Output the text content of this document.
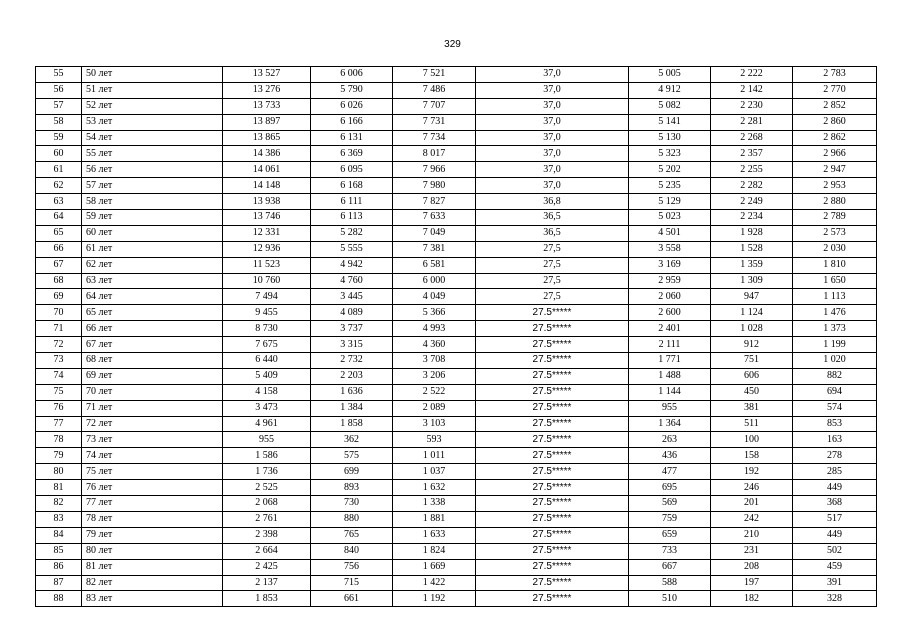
329
55	50 лет	13 527	6 006	7 521	37,0	5 005	2 222	2 783
56	51 лет	13 276	5 790	7 486	37,0	4 912	2 142	2 770
57	52 лет	13 733	6 026	7 707	37,0	5 082	2 230	2 852
58	53 лет	13 897	6 166	7 731	37,0	5 141	2 281	2 860
59	54 лет	13 865	6 131	7 734	37,0	5 130	2 268	2 862
60	55 лет	14 386	6 369	8 017	37,0	5 323	2 357	2 966
61	56 лет	14 061	6 095	7 966	37,0	5 202	2 255	2 947
62	57 лет	14 148	6 168	7 980	37,0	5 235	2 282	2 953
63	58 лет	13 938	6 111	7 827	36,8	5 129	2 249	2 880
64	59 лет	13 746	6 113	7 633	36,5	5 023	2 234	2 789
65	60 лет	12 331	5 282	7 049	36,5	4 501	1 928	2 573
66	61 лет	12 936	5 555	7 381	27,5	3 558	1 528	2 030
67	62 лет	11 523	4 942	6 581	27,5	3 169	1 359	1 810
68	63 лет	10 760	4 760	6 000	27,5	2 959	1 309	1 650
69	64 лет	7 494	3 445	4 049	27,5	2 060	947	1 113
70	65 лет	9 455	4 089	5 366	27.5*****	2 600	1 124	1 476
71	66 лет	8 730	3 737	4 993	27.5*****	2 401	1 028	1 373
72	67 лет	7 675	3 315	4 360	27.5*****	2 111	912	1 199
73	68 лет	6 440	2 732	3 708	27.5*****	1 771	751	1 020
74	69 лет	5 409	2 203	3 206	27.5*****	1 488	606	882
75	70 лет	4 158	1 636	2 522	27.5*****	1 144	450	694
76	71 лет	3 473	1 384	2 089	27.5*****	955	381	574
77	72 лет	4 961	1 858	3 103	27.5*****	1 364	511	853
78	73 лет	955	362	593	27.5*****	263	100	163
79	74 лет	1 586	575	1 011	27.5*****	436	158	278
80	75 лет	1 736	699	1 037	27.5*****	477	192	285
81	76 лет	2 525	893	1 632	27.5*****	695	246	449
82	77 лет	2 068	730	1 338	27.5*****	569	201	368
83	78 лет	2 761	880	1 881	27.5*****	759	242	517
84	79 лет	2 398	765	1 633	27.5*****	659	210	449
85	80 лет	2 664	840	1 824	27.5*****	733	231	502
86	81 лет	2 425	756	1 669	27.5*****	667	208	459
87	82 лет	2 137	715	1 422	27.5*****	588	197	391
88	83 лет	1 853	661	1 192	27.5*****	510	182	328
